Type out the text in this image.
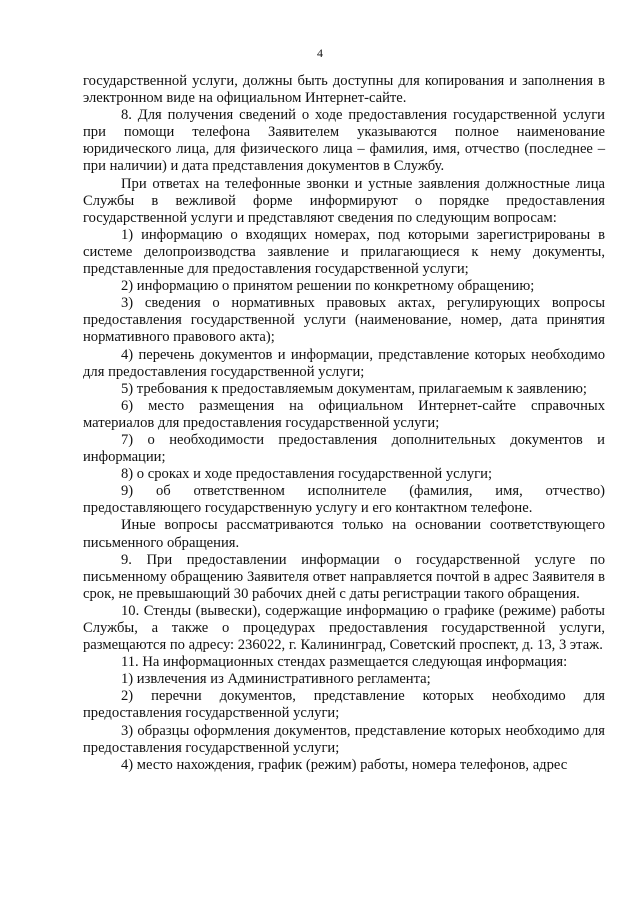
4

государственной услуги, должны быть доступны для копирования и заполнения в электронном виде на официальном Интернет-сайте.

8. Для получения сведений о ходе предоставления государственной услуги при помощи телефона Заявителем указываются полное наименование юридического лица, для физического лица – фамилия, имя, отчество (последнее – при наличии) и дата представления документов в Службу.

При ответах на телефонные звонки и устные заявления должностные лица Службы в вежливой форме информируют о порядке предоставления государственной услуги и представляют сведения по следующим вопросам:

1) информацию о входящих номерах, под которыми зарегистрированы в системе делопроизводства заявление и прилагающиеся к нему документы, представленные для предоставления государственной услуги;

2) информацию о принятом решении по конкретному обращению;

3) сведения о нормативных правовых актах, регулирующих вопросы предоставления государственной услуги (наименование, номер, дата принятия нормативного правового акта);

4) перечень документов и информации, представление которых необходимо для предоставления государственной услуги;

5) требования к предоставляемым документам, прилагаемым к заявлению;

6) место размещения на официальном Интернет-сайте справочных материалов для предоставления государственной услуги;

7) о необходимости предоставления дополнительных документов и информации;

8) о сроках и ходе предоставления государственной услуги;

9) об ответственном исполнителе (фамилия, имя, отчество) предоставляющего государственную услугу и его контактном телефоне.

Иные вопросы рассматриваются только на основании соответствующего письменного обращения.

9. При предоставлении информации о государственной услуге по письменному обращению Заявителя ответ направляется почтой в адрес Заявителя в срок, не превышающий 30 рабочих дней с даты регистрации такого обращения.

10. Стенды (вывески), содержащие информацию о графике (режиме) работы Службы, а также о процедурах предоставления государственной услуги, размещаются по адресу: 236022, г. Калининград, Советский проспект, д. 13, 3 этаж.

11. На информационных стендах размещается следующая информация:

1) извлечения из Административного регламента;

2) перечни документов, представление которых необходимо для предоставления государственной услуги;

3) образцы оформления документов, представление которых необходимо для предоставления государственной услуги;

4) место нахождения, график (режим) работы, номера телефонов, адрес
